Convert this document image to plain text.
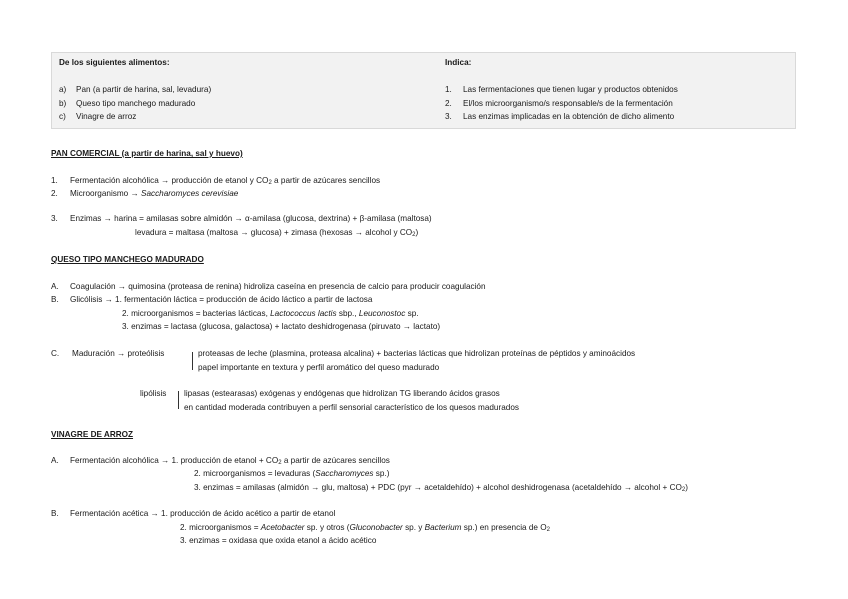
De los siguientes alimentos:	Indica:
a) Pan (a partir de harina, sal, levadura)
b) Queso tipo manchego madurado
c) Vinagre de arroz
1. Las fermentaciones que tienen lugar y productos obtenidos
2. El/los microorganismo/s responsable/s de la fermentación
3. Las enzimas implicadas en la obtención de dicho alimento
PAN COMERCIAL (a partir de harina, sal y huevo)
1. Fermentación alcohólica → producción de etanol y $CO_2$ a partir de azúcares sencillos
2. Microorganismo → Saccharomyces cerevisiae
3. Enzimas → harina = amilasas sobre almidón → α-amilasa (glucosa, dextrina) + β-amilasa (maltosa)
levadura = maltasa (maltosa → glucosa) + zimasa (hexosas → alcohol y $CO_2$)
QUESO TIPO MANCHEGO MADURADO
A. Coagulación → quimosina (proteasa de renina) hidroliza caseína en presencia de calcio para producir coagulación
B. Glicólisis → 1. fermentación láctica = producción de ácido láctico a partir de lactosa
2. microorganismos = bacterias lácticas, Lactococcus lactis sbp., Leuconostoc sp.
3. enzimas = lactasa (glucosa, galactosa) + lactato deshidrogenasa (piruvato → lactato)
C. Maduración → proteólisis	proteasas de leche (plasmina, proteasa alcalina) + bacterias lácticas que hidrolizan proteínas de péptidos y aminoácidos
papel importante en textura y perfil aromático del queso madurado
lipólisis lipasas (estearasas) exógenas y endógenas que hidrolizan TG liberando ácidos grasos
en cantidad moderada contribuyen a perfil sensorial característico de los quesos madurados
VINAGRE DE ARROZ
A. Fermentación alcohólica → 1. producción de etanol + $CO_2$ a partir de azúcares sencillos
2. microorganismos = levaduras (Saccharomyces sp.)
3. enzimas = amilasas (almidón → glu, maltosa) + PDC (pyr → acetaldehído) + alcohol deshidrogenasa (acetaldehído → alcohol + $CO_2$)
B. Fermentación acética → 1. producción de ácido acético a partir de etanol
2. microorganismos = Acetobacter sp. y otros (Gluconobacter sp. y Bacterium sp.) en presencia de $O_2$
3. enzimas = oxidasa que oxida etanol a ácido acético
